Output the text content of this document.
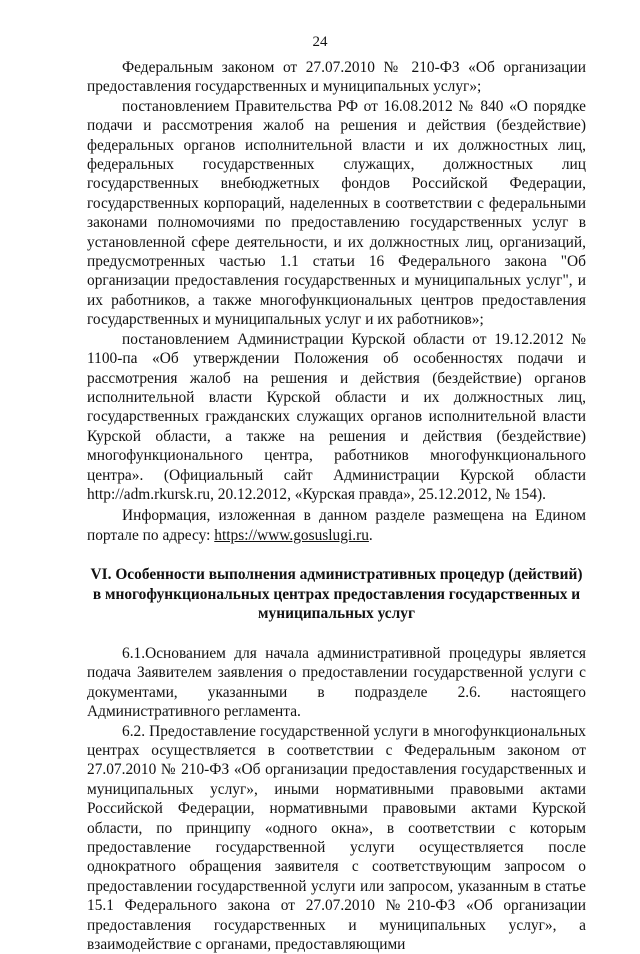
24

Федеральным законом от 27.07.2010 № 210-ФЗ «Об организации предоставления государственных и муниципальных услуг»;

постановлением Правительства РФ от 16.08.2012 № 840 «О порядке подачи и рассмотрения жалоб на решения и действия (бездействие) федеральных органов исполнительной власти и их должностных лиц, федеральных государственных служащих, должностных лиц государственных внебюджетных фондов Российской Федерации, государственных корпораций, наделенных в соответствии с федеральными законами полномочиями по предоставлению государственных услуг в установленной сфере деятельности, и их должностных лиц, организаций, предусмотренных частью 1.1 статьи 16 Федерального закона "Об организации предоставления государственных и муниципальных услуг", и их работников, а также многофункциональных центров предоставления государственных и муниципальных услуг и их работников»;

постановлением Администрации Курской области от 19.12.2012 № 1100-па «Об утверждении Положения об особенностях подачи и рассмотрения жалоб на решения и действия (бездействие) органов исполнительной власти Курской области и их должностных лиц, государственных гражданских служащих органов исполнительной власти Курской области, а также на решения и действия (бездействие) многофункционального центра, работников многофункционального центра». (Официальный сайт Администрации Курской области http://adm.rkursk.ru, 20.12.2012, «Курская правда», 25.12.2012, № 154).

Информация, изложенная в данном разделе размещена на Едином портале по адресу: https://www.gosuslugi.ru.

VI. Особенности выполнения административных процедур (действий) в многофункциональных центрах предоставления государственных и муниципальных услуг

6.1.Основанием для начала административной процедуры является подача Заявителем заявления о предоставлении государственной услуги с документами, указанными в подразделе 2.6. настоящего Административного регламента.

6.2. Предоставление государственной услуги в многофункциональных центрах осуществляется в соответствии с Федеральным законом от 27.07.2010 № 210-ФЗ «Об организации предоставления государственных и муниципальных услуг», иными нормативными правовыми актами Российской Федерации, нормативными правовыми актами Курской области, по принципу «одного окна», в соответствии с которым предоставление государственной услуги осуществляется после однократного обращения заявителя с соответствующим запросом о предоставлении государственной услуги или запросом, указанным в статье 15.1 Федерального закона от 27.07.2010 №210-ФЗ «Об организации предоставления государственных и муниципальных услуг», а взаимодействие с органами, предоставляющими
